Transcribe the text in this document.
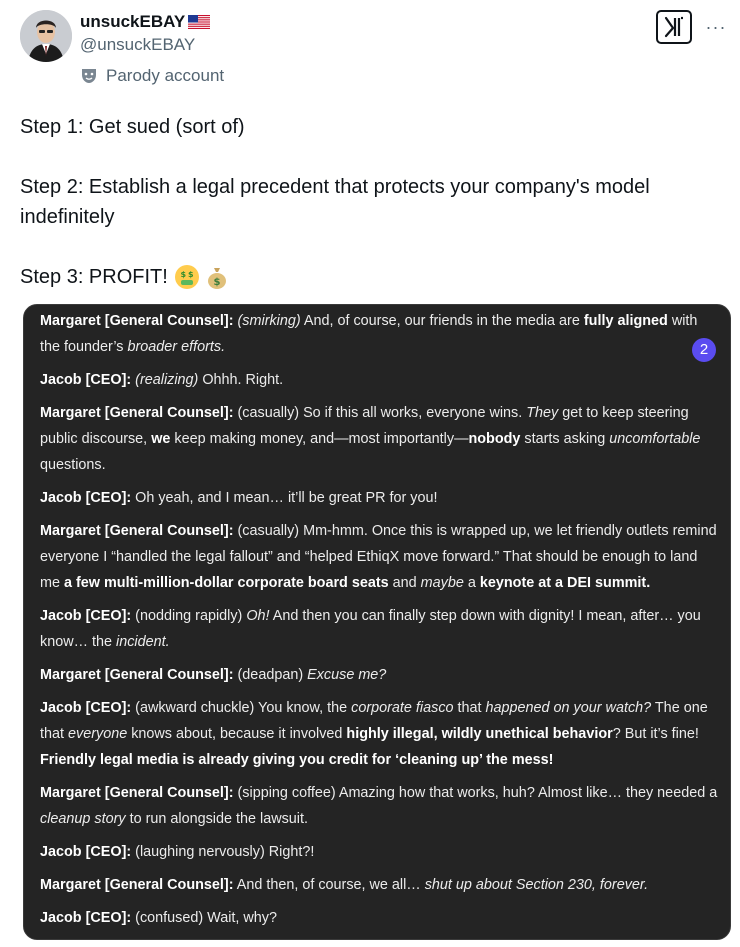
unsuckEBAY
@unsuckEBAY
Parody account
···

Step 1: Get sued (sort of)

Step 2: Establish a legal precedent that protects your company's model indefinitely

Step 3: PROFIT! $ $
$

2

Margaret [General Counsel]: (smirking) And, of course, our friends in the media are fully aligned with the founder’s broader efforts.

Jacob [CEO]: (realizing) Ohhh. Right.

Margaret [General Counsel]: (casually) So if this all works, everyone wins. They get to keep steering public discourse, we keep making money, and—most importantly—nobody starts asking uncomfortable questions.

Jacob [CEO]: Oh yeah, and I mean… it’ll be great PR for you!

Margaret [General Counsel]: (casually) Mm-hmm. Once this is wrapped up, we let friendly outlets remind everyone I “handled the legal fallout” and “helped EthiqX move forward.” That should be enough to land me a few multi-million-dollar corporate board seats and maybe a keynote at a DEI summit.

Jacob [CEO]: (nodding rapidly) Oh! And then you can finally step down with dignity! I mean, after… you know… the incident.

Margaret [General Counsel]: (deadpan) Excuse me?

Jacob [CEO]: (awkward chuckle) You know, the corporate fiasco that happened on your watch? The one that everyone knows about, because it involved highly illegal, wildly unethical behavior? But it’s fine! Friendly legal media is already giving you credit for ‘cleaning up’ the mess!

Margaret [General Counsel]: (sipping coffee) Amazing how that works, huh? Almost like… they needed a cleanup story to run alongside the lawsuit.

Jacob [CEO]: (laughing nervously) Right?!

Margaret [General Counsel]: And then, of course, we all… shut up about Section 230, forever.

Jacob [CEO]: (confused) Wait, why?
